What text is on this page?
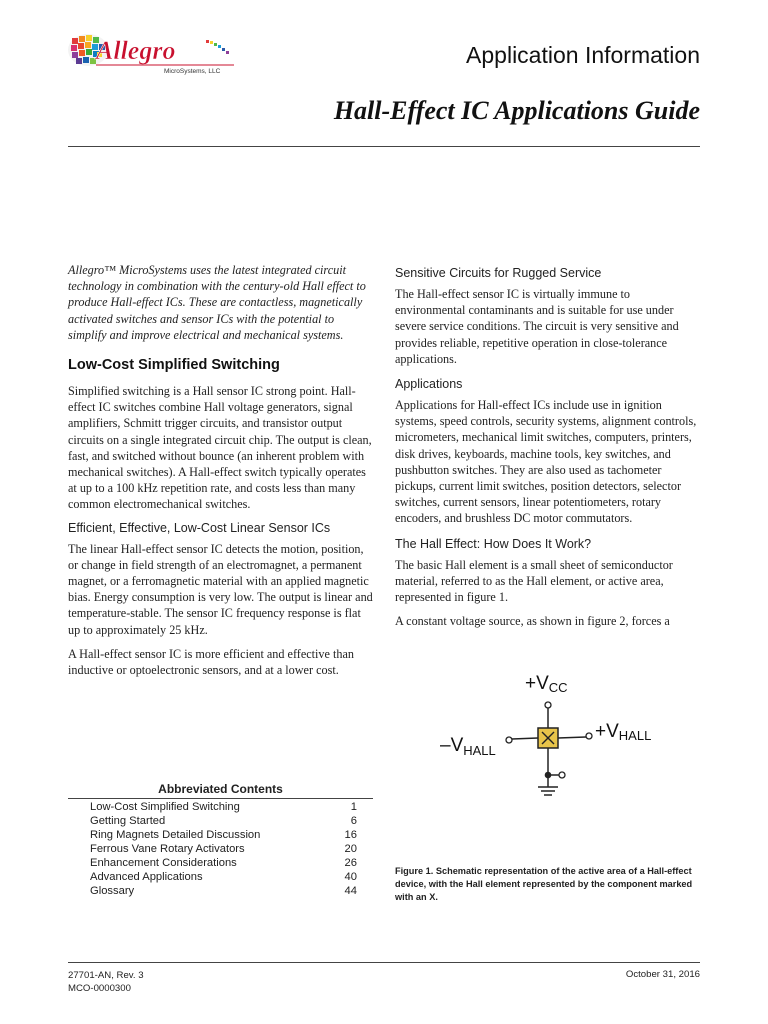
Allegro
MicroSystems, LLC
Application Information
Hall-Effect IC Applications Guide

Allegro™ MicroSystems uses the latest integrated circuit technology in combination with the century-old Hall effect to produce Hall-effect ICs. These are contactless, magnetically activated switches and sensor ICs with the potential to simplify and improve electrical and mechanical systems.

Low-Cost Simplified Switching

Simplified switching is a Hall sensor IC strong point. Hall-effect IC switches combine Hall voltage generators, signal amplifiers, Schmitt trigger circuits, and transistor output circuits on a single integrated circuit chip. The output is clean, fast, and switched without bounce (an inherent problem with mechanical switches). A Hall-effect switch typically operates at up to a 100 kHz repetition rate, and costs less than many common electromechanical switches.

Efficient, Effective, Low-Cost Linear Sensor ICs

The linear Hall-effect sensor IC detects the motion, position, or change in field strength of an electromagnet, a permanent magnet, or a ferromagnetic material with an applied magnetic bias. Energy consumption is very low. The output is linear and temperature-stable. The sensor IC frequency response is flat up to approximately 25 kHz.

A Hall-effect sensor IC is more efficient and effective than inductive or optoelectronic sensors, and at a lower cost.

Sensitive Circuits for Rugged Service

The Hall-effect sensor IC is virtually immune to environmental contaminants and is suitable for use under severe service conditions. The circuit is very sensitive and provides reliable, repetitive operation in close-tolerance applications.

Applications

Applications for Hall-effect ICs include use in ignition systems, speed controls, security systems, alignment controls, micrometers, mechanical limit switches, computers, printers, disk drives, keyboards, machine tools, key switches, and pushbutton switches. They are also used as tachometer pickups, current limit switches, position detectors, selector switches, current sensors, linear potentiometers, rotary encoders, and brushless DC motor commutators.

The Hall Effect: How Does It Work?

The basic Hall element is a small sheet of semiconductor material, referred to as the Hall element, or active area, represented in figure 1.

A constant voltage source, as shown in figure 2, forces a

Abbreviated Contents
Low-Cost Simplified Switching	1
Getting Started	6
Ring Magnets Detailed Discussion	16
Ferrous Vane Rotary Activators	20
Enhancement Considerations	26
Advanced Applications	40
Glossary	44
+VCC
$-V_{HALL}$
+VHALL
Figure 1. Schematic representation of the active area of a Hall-effect device, with the Hall element represented by the component marked with an X.
27701-AN, Rev. 3
MCO-0000300
October 31, 2016
